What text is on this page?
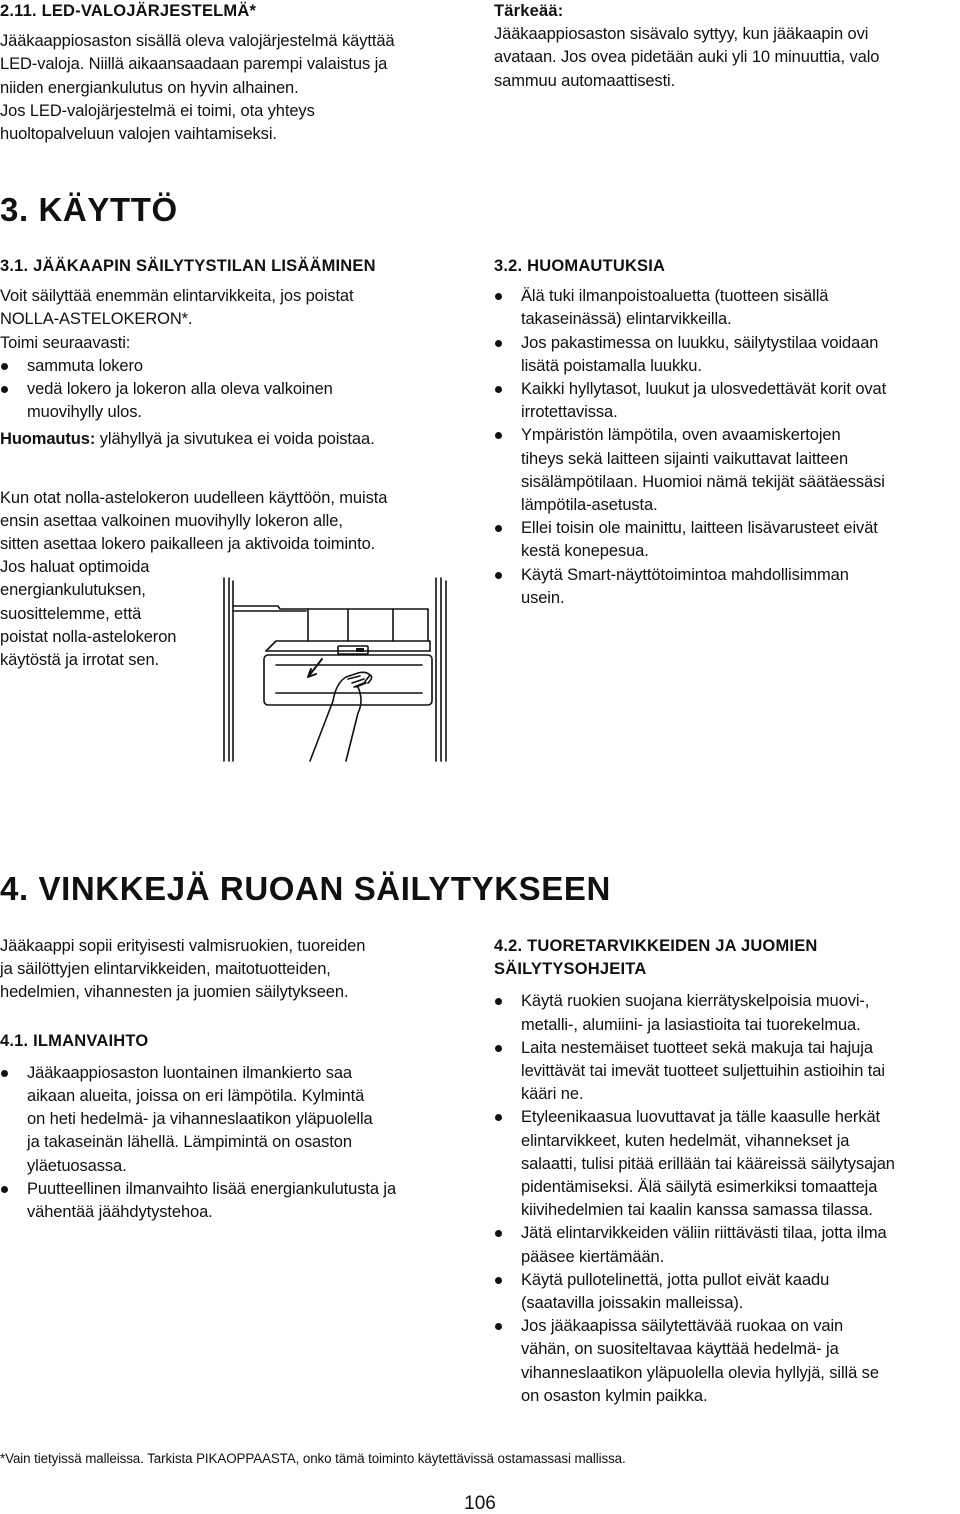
2.11. LED-VALOJÄRJESTELMÄ*

Jääkaappiosaston sisällä oleva valojärjestelmä käyttää
LED-valoja. Niillä aikaansaadaan parempi valaistus ja
niiden energiankulutus on hyvin alhainen.
Jos LED-valojärjestelmä ei toimi, ota yhteys
huoltopalveluun valojen vaihtamiseksi.

Tärkeää:

Jääkaappiosaston sisävalo syttyy, kun jääkaapin ovi
avataan. Jos ovea pidetään auki yli 10 minuuttia, valo
sammuu automaattisesti.
3. KÄYTTÖ

3.1. JÄÄKAAPIN SÄILYTYSTILAN LISÄÄMINEN

Voit säilyttää enemmän elintarvikkeita, jos poistat
NOLLA-ASTELOKERON*.
Toimi seuraavasti:
sammuta lokero
vedä lokero ja lokeron alla oleva valkoinen
muovihylly ulos.
Huomautus: ylähyllyä ja sivutukea ei voida poistaa.
Kun otat nolla-astelokeron uudelleen käyttöön, muista
ensin asettaa valkoinen muovihylly lokeron alle,
sitten asettaa lokero paikalleen ja aktivoida toiminto.
Jos haluat optimoida
energiankulutuksen,
suosittelemme, että
poistat nolla-astelokeron
käytöstä ja irrotat sen.

3.2. HUOMAUTUKSIA

Älä tuki ilmanpoistoaluetta (tuotteen sisällä
takaseinässä) elintarvikkeilla.
Jos pakastimessa on luukku, säilytystilaa voidaan
lisätä poistamalla luukku.
Kaikki hyllytasot, luukut ja ulosvedettävät korit ovat
irrotettavissa.
Ympäristön lämpötila, oven avaamiskertojen
tiheys sekä laitteen sijainti vaikuttavat laitteen
sisälämpötilaan. Huomioi nämä tekijät säätäessäsi
lämpötila-asetusta.
Ellei toisin ole mainittu, laitteen lisävarusteet eivät
kestä konepesua.
Käytä Smart-näyttötoimintoa mahdollisimman
usein.
4. VINKKEJÄ RUOAN SÄILYTYKSEEN
Jääkaappi sopii erityisesti valmisruokien, tuoreiden
ja säilöttyjen elintarvikkeiden, maitotuotteiden,
hedelmien, vihannesten ja juomien säilytykseen.

4.1. ILMANVAIHTO

Jääkaappiosaston luontainen ilmankierto saa
aikaan alueita, joissa on eri lämpötila. Kylmintä
on heti hedelmä- ja vihanneslaatikon yläpuolella
ja takaseinän lähellä. Lämpimintä on osaston
yläetuosassa.
Puutteellinen ilmanvaihto lisää energiankulutusta ja
vähentää jäähdytystehoa.
4.2. TUORETARVIKKEIDEN JA JUOMIEN
SÄILYTYSOHJEITA
Käytä ruokien suojana kierrätyskelpoisia muovi-,
metalli-, alumiini- ja lasiastioita tai tuorekelmua.
Laita nestemäiset tuotteet sekä makuja tai hajuja
levittävät tai imevät tuotteet suljettuihin astioihin tai
kääri ne.
Etyleenikaasua luovuttavat ja tälle kaasulle herkät
elintarvikkeet, kuten hedelmät, vihannekset ja
salaatti, tulisi pitää erillään tai kääreissä säilytysajan
pidentämiseksi. Älä säilytä esimerkiksi tomaatteja
kiivihedelmien tai kaalin kanssa samassa tilassa.
Jätä elintarvikkeiden väliin riittävästi tilaa, jotta ilma
pääsee kiertämään.
Käytä pullotelinettä, jotta pullot eivät kaadu
(saatavilla joissakin malleissa).
Jos jääkaapissa säilytettävää ruokaa on vain
vähän, on suositeltavaa käyttää hedelmä- ja
vihanneslaatikon yläpuolella olevia hyllyjä, sillä se
on osaston kylmin paikka.
*Vain tietyissä malleissa. Tarkista PIKAOPPAASTA, onko tämä toiminto käytettävissä ostamassasi mallissa.
106
